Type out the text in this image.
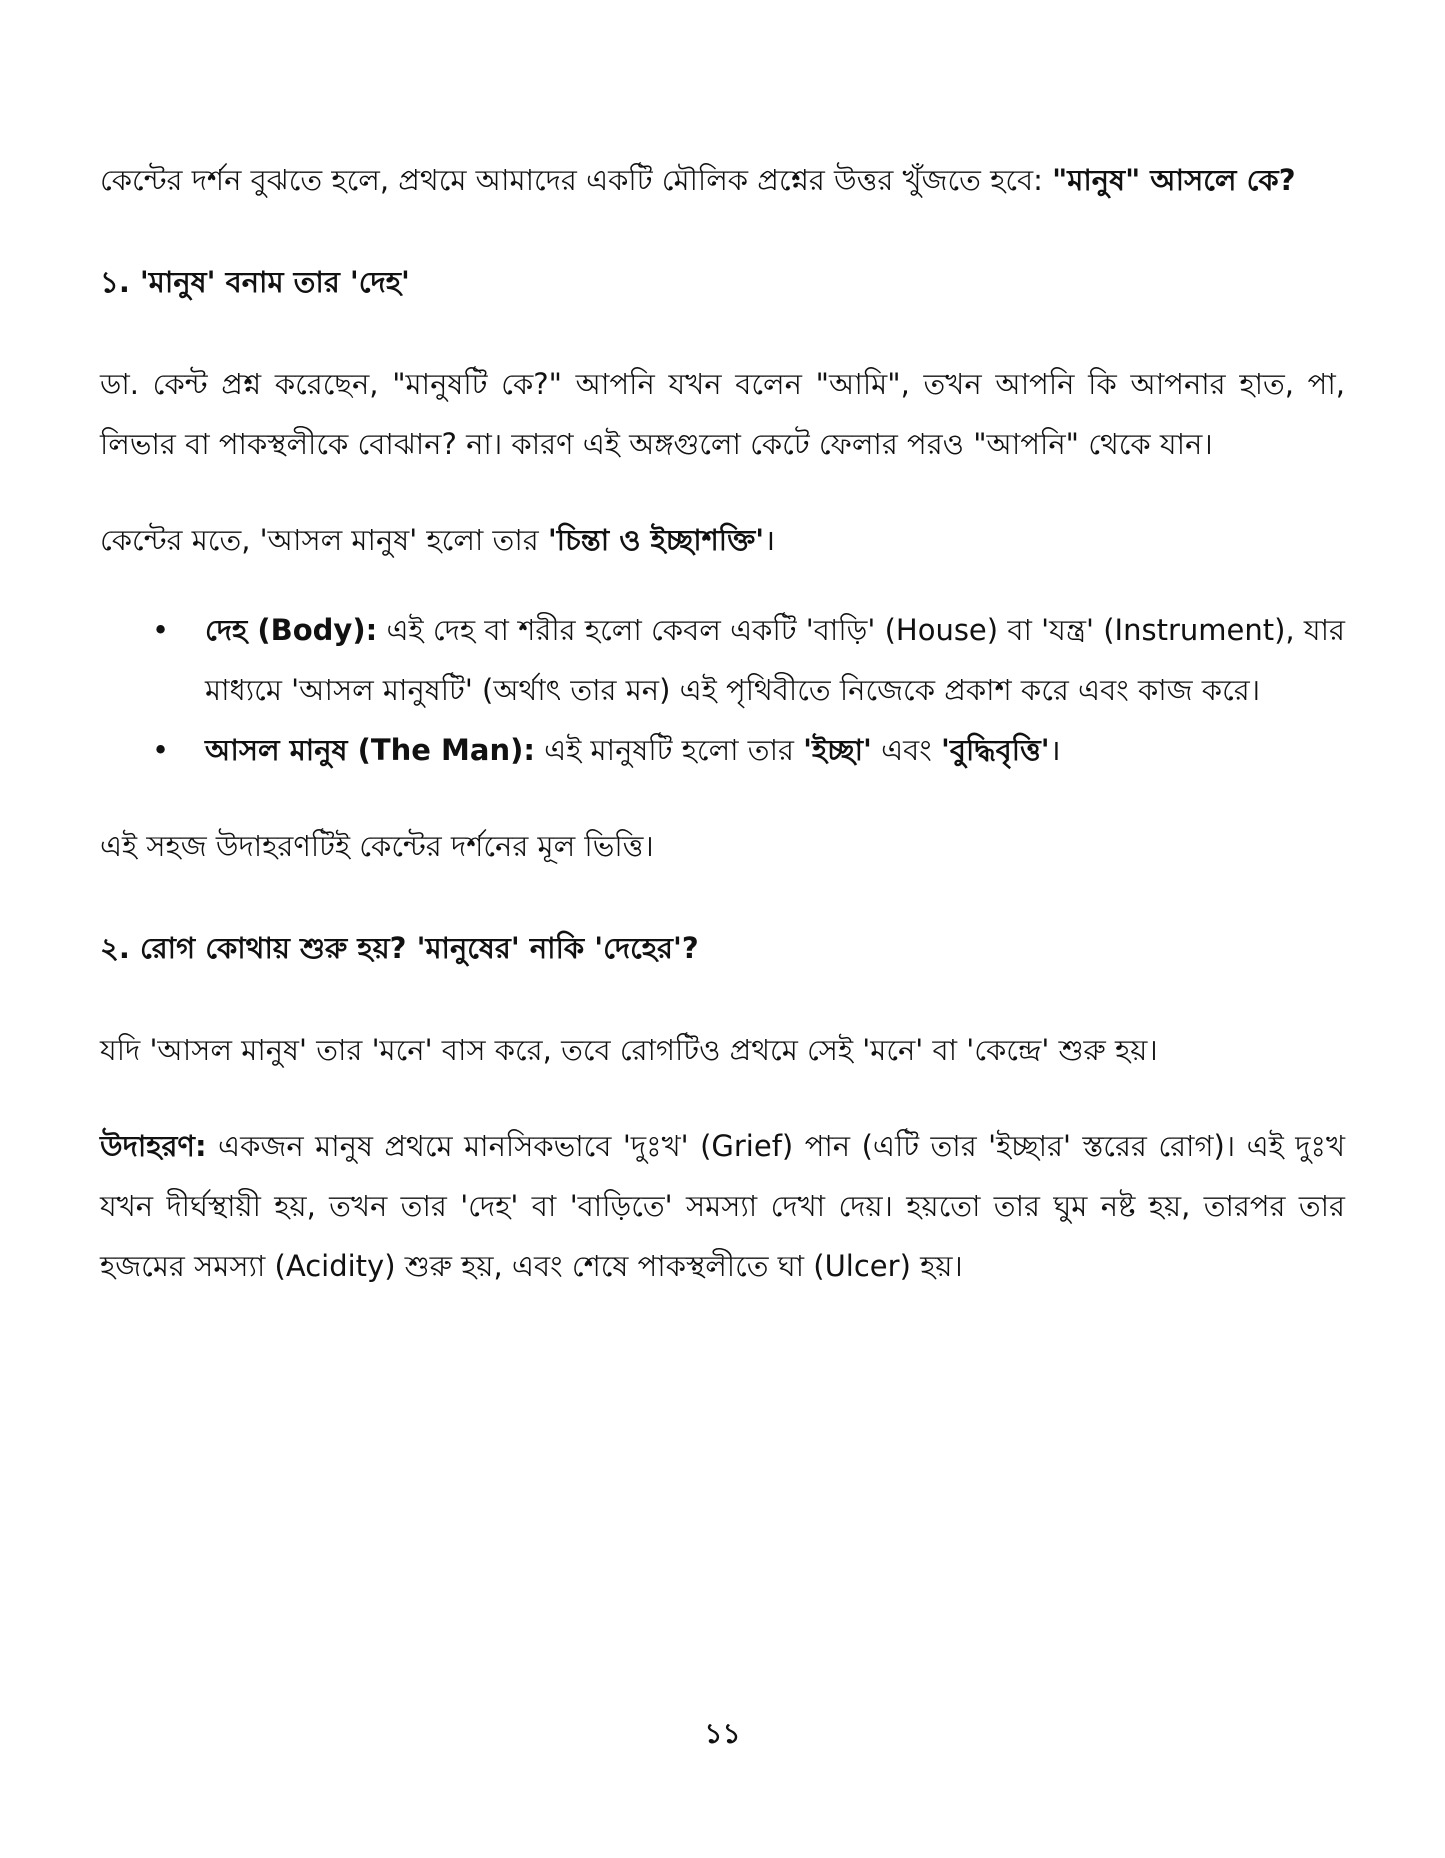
কেন্টের দর্শন বুঝতে হলে, প্রথমে আমাদের একটি মৌলিক প্রশ্নের উত্তর খুঁজতে হবে: "মানুষ" আসলে কে?

১. 'মানুষ' বনাম তার 'দেহ'

ডা. কেন্ট প্রশ্ন করেছেন, "মানুষটি কে?" আপনি যখন বলেন "আমি", তখন আপনি কি আপনার হাত, পা, লিভার বা পাকস্থলীকে বোঝান? না। কারণ এই অঙ্গগুলো কেটে ফেলার পরও "আপনি" থেকে যান।

কেন্টের মতে, 'আসল মানুষ' হলো তার 'চিন্তা ও ইচ্ছাশক্তি'।

• দেহ (Body): এই দেহ বা শরীর হলো কেবল একটি 'বাড়ি' (House) বা 'যন্ত্র' (Instrument), যার মাধ্যমে 'আসল মানুষটি' (অর্থাৎ তার মন) এই পৃথিবীতে নিজেকে প্রকাশ করে এবং কাজ করে।
• আসল মানুষ (The Man): এই মানুষটি হলো তার 'ইচ্ছা' এবং 'বুদ্ধিবৃত্তি'।

এই সহজ উদাহরণটিই কেন্টের দর্শনের মূল ভিত্তি।

২. রোগ কোথায় শুরু হয়? 'মানুষের' নাকি 'দেহের'?

যদি 'আসল মানুষ' তার 'মনে' বাস করে, তবে রোগটিও প্রথমে সেই 'মনে' বা 'কেন্দ্রে' শুরু হয়।

উদাহরণ: একজন মানুষ প্রথমে মানসিকভাবে 'দুঃখ' (Grief) পান (এটি তার 'ইচ্ছার' স্তরের রোগ)। এই দুঃখ যখন দীর্ঘস্থায়ী হয়, তখন তার 'দেহ' বা 'বাড়িতে' সমস্যা দেখা দেয়। হয়তো তার ঘুম নষ্ট হয়, তারপর তার হজমের সমস্যা (Acidity) শুরু হয়, এবং শেষে পাকস্থলীতে ঘা (Ulcer) হয়।

১১
